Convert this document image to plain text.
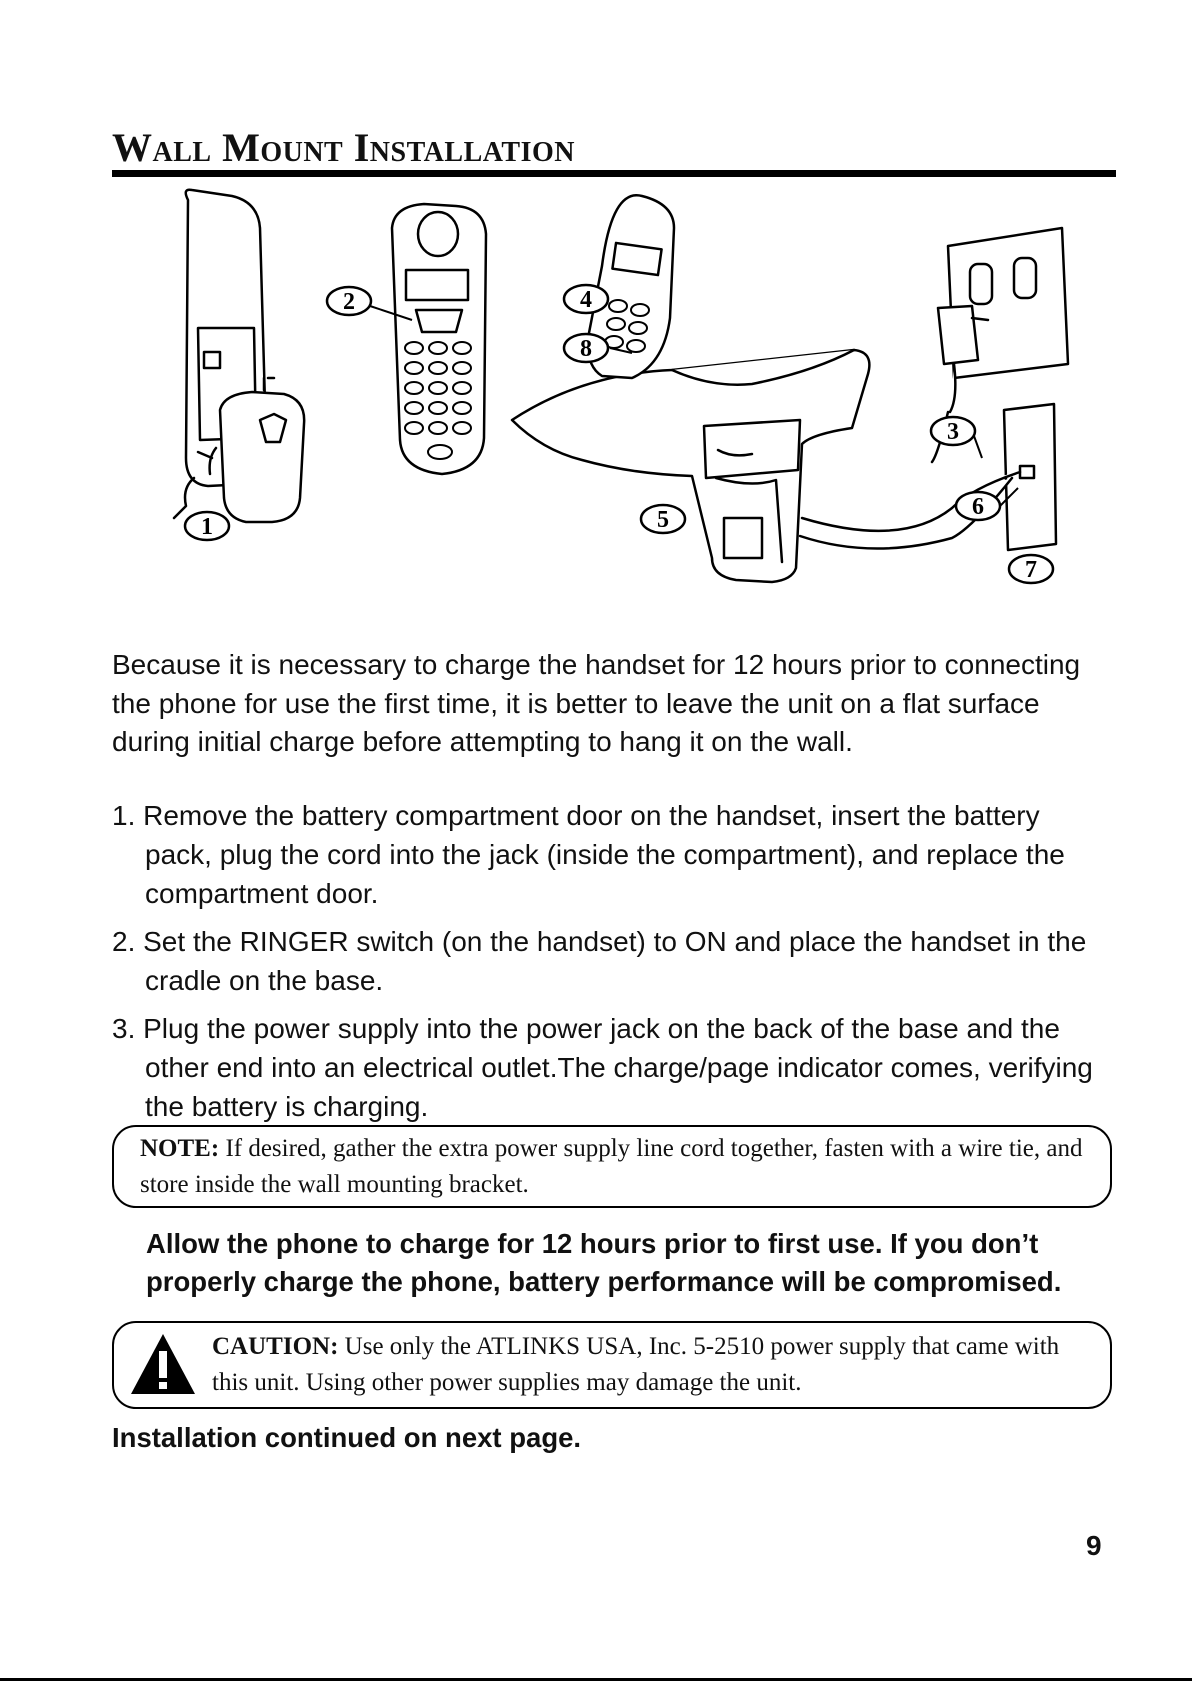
Wall Mount Installation
1
2
3
4
5	6
7
8

Because it is necessary to charge the handset for 12 hours prior to connecting the phone for use the first time, it is better to leave the unit on a flat surface during initial charge before attempting to hang it on the wall.

1. Remove the battery compartment door on the handset, insert the battery pack, plug the cord into the jack (inside the compartment), and replace the compartment door.
2. Set the RINGER switch (on the handset) to ON and place the handset in the cradle on the base.
3. Plug the power supply into the power jack on the back of the base and the other end into an electrical outlet.The charge/page indicator comes, verifying the battery is charging.
NOTE: If desired, gather the extra power supply line cord together, fasten with a wire tie, and store inside the wall mounting bracket.

Allow the phone to charge for 12 hours prior to first use. If you don’t properly charge the phone, battery performance will be compromised.

CAUTION: Use only the ATLINKS USA, Inc. 5-2510 power supply that came with this unit. Using other power supplies may damage the unit.

Installation continued on next page.

9
